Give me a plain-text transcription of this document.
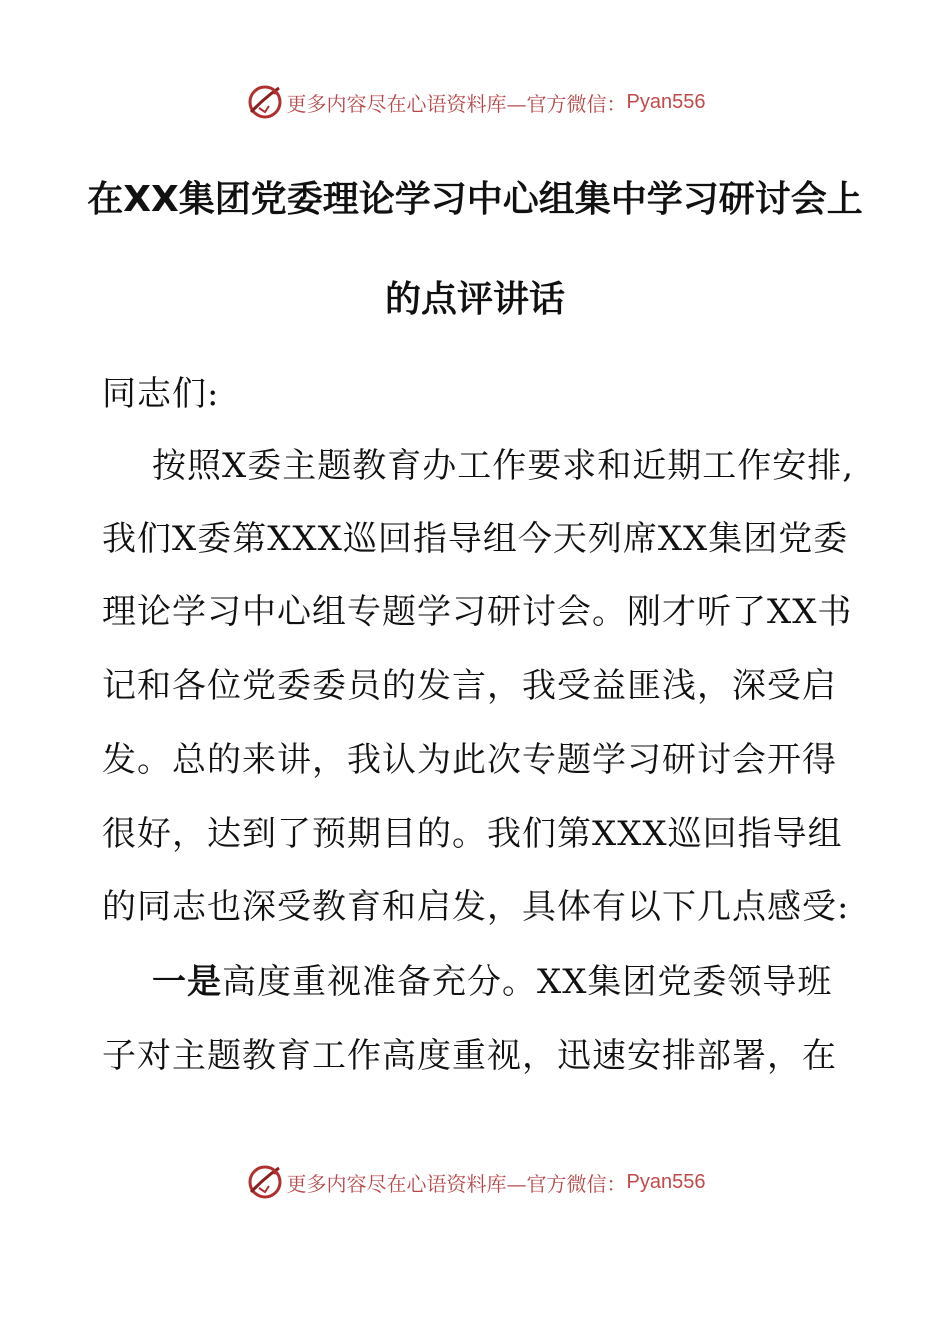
更多内容尽在心语资料库—官方微信： Pyan556
在XX集团党委理论学习中心组集中学习研讨会上
的点评讲话
同志们:
按照X委主题教育办工作要求和近期工作安排,
我们X委第XXX巡回指导组今天列席XX集团党委
理论学习中心组专题学习研讨会。刚才听了XX书
记和各位党委委员的发言，我受益匪浅，深受启
发。总的来讲，我认为此次专题学习研讨会开得
很好，达到了预期目的。我们第XXX巡回指导组
的同志也深受教育和启发，具体有以下几点感受:
一是高度重视准备充分。XX集团党委领导班
子对主题教育工作高度重视，迅速安排部署，在
更多内容尽在心语资料库—官方微信： Pyan556
